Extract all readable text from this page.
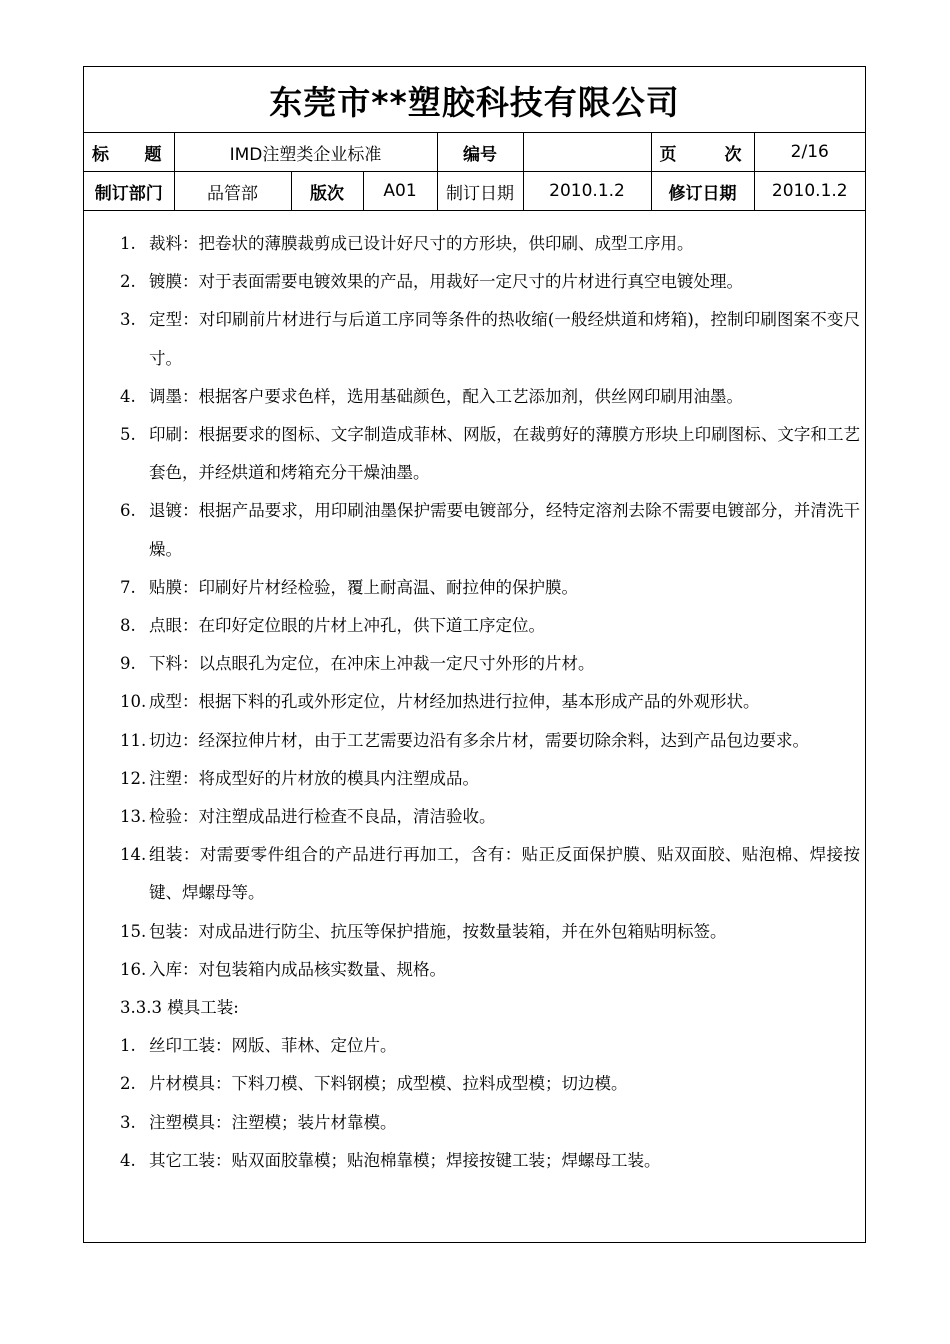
东莞市**塑胶科技有限公司
标 题	IMD注塑类企业标准			编号		页 次	2/16
制订部门	品管部	版次	A01	制订日期	2010.1.2	修订日期	2010.1.2
1. 裁料：把卷状的薄膜裁剪成已设计好尺寸的方形块，供印刷、成型工序用。
2. 镀膜：对于表面需要电镀效果的产品，用裁好一定尺寸的片材进行真空电镀处理。
3. 定型：对印刷前片材进行与后道工序同等条件的热收缩(一般经烘道和烤箱)，控制印刷图案不变尺寸。
4. 调墨：根据客户要求色样，选用基础颜色，配入工艺添加剂，供丝网印刷用油墨。
5. 印刷：根据要求的图标、文字制造成菲林、网版，在裁剪好的薄膜方形块上印刷图标、文字和工艺套色，并经烘道和烤箱充分干燥油墨。
6. 退镀：根据产品要求，用印刷油墨保护需要电镀部分，经特定溶剂去除不需要电镀部分，并清洗干燥。
7. 贴膜：印刷好片材经检验，覆上耐高温、耐拉伸的保护膜。
8. 点眼：在印好定位眼的片材上冲孔，供下道工序定位。
9. 下料：以点眼孔为定位，在冲床上冲裁一定尺寸外形的片材。
10. 成型：根据下料的孔或外形定位，片材经加热进行拉伸，基本形成产品的外观形状。
11. 切边：经深拉伸片材，由于工艺需要边沿有多余片材，需要切除余料，达到产品包边要求。
12. 注塑：将成型好的片材放的模具内注塑成品。
13. 检验：对注塑成品进行检查不良品，清洁验收。
14. 组装：对需要零件组合的产品进行再加工，含有：贴正反面保护膜、贴双面胶、贴泡棉、焊接按键、焊螺母等。
15. 包装：对成品进行防尘、抗压等保护措施，按数量装箱，并在外包箱贴明标签。
16. 入库：对包装箱内成品核实数量、规格。
3.3.3 模具工装:
1. 丝印工装：网版、菲林、定位片。
2. 片材模具：下料刀模、下料钢模；成型模、拉料成型模；切边模。
3. 注塑模具：注塑模；装片材靠模。
4. 其它工装：贴双面胶靠模；贴泡棉靠模；焊接按键工装；焊螺母工装。
